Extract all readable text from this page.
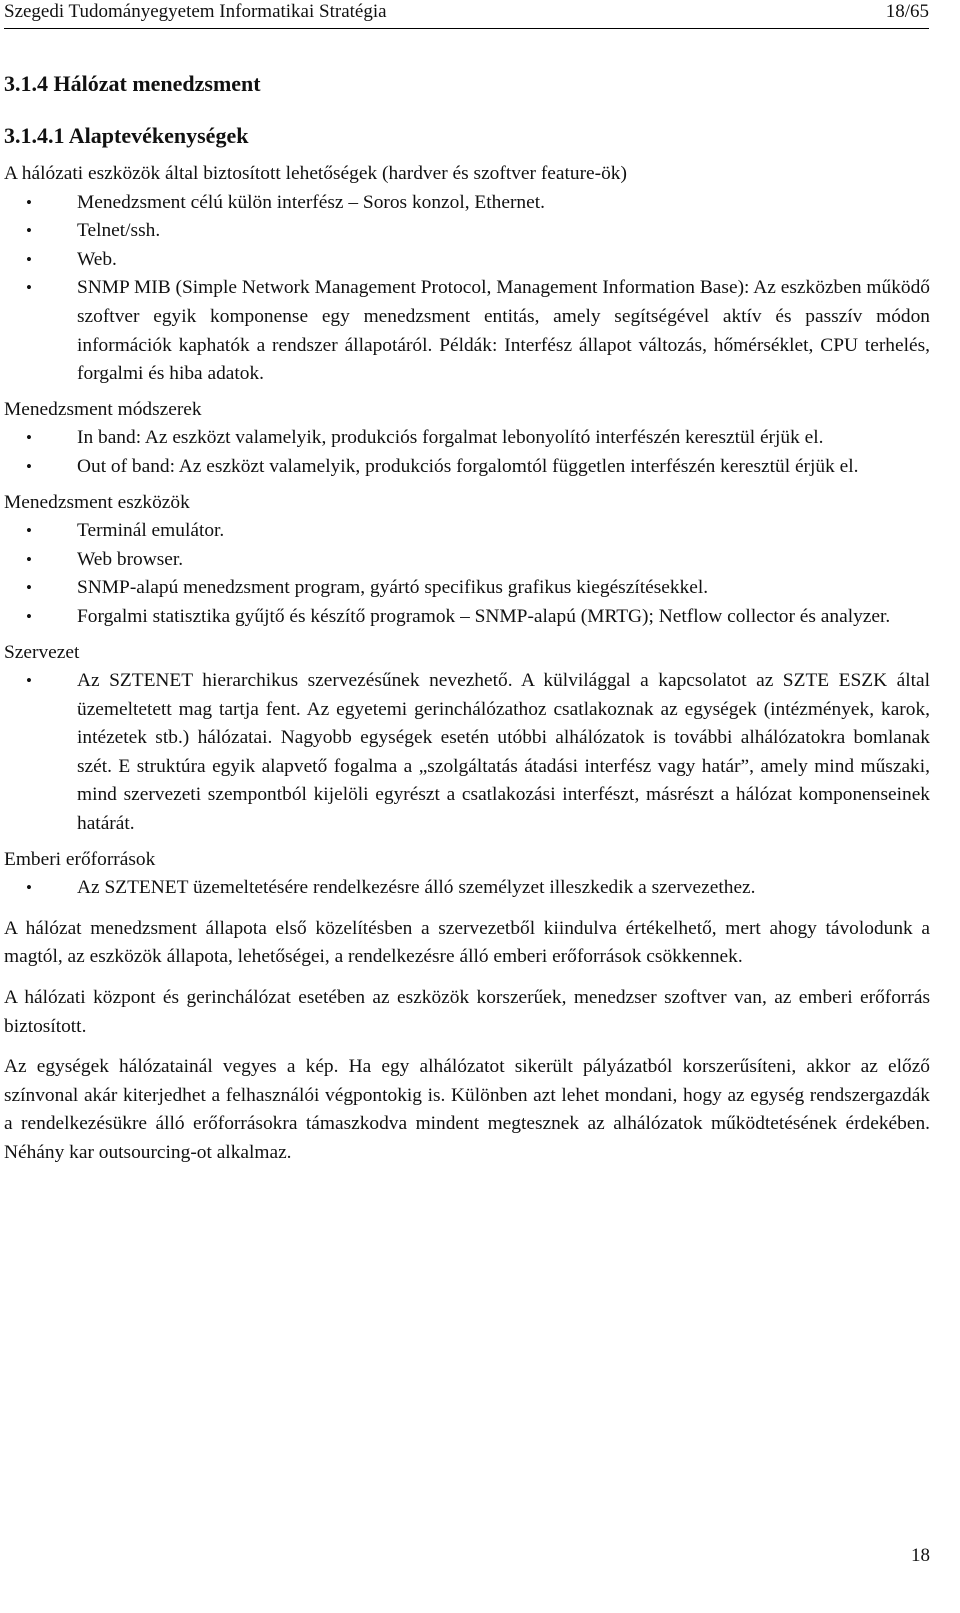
Szegedi Tudományegyetem Informatikai Stratégia	18/65
3.1.4 Hálózat menedzsment
3.1.4.1 Alaptevékenységek

A hálózati eszközök által biztosított lehetőségek (hardver és szoftver feature-ök)

• Menedzsment célú külön interfész – Soros konzol, Ethernet.
• Telnet/ssh.
• Web.
• SNMP MIB (Simple Network Management Protocol, Management Information Base): Az eszközben működő szoftver egyik komponense egy menedzsment entitás, amely segítségével aktív és passzív módon információk kaphatók a rendszer állapotáról. Példák: Interfész állapot változás, hőmérséklet, CPU terhelés, forgalmi és hiba adatok.

Menedzsment módszerek

• In band: Az eszközt valamelyik, produkciós forgalmat lebonyolító interfészén keresztül érjük el.
• Out of band: Az eszközt valamelyik, produkciós forgalomtól független interfészén keresztül érjük el.

Menedzsment eszközök

• Terminál emulátor.
• Web browser.
• SNMP-alapú menedzsment program, gyártó specifikus grafikus kiegészítésekkel.
• Forgalmi statisztika gyűjtő és készítő programok – SNMP-alapú (MRTG); Netflow collector és analyzer.

Szervezet

• Az SZTENET hierarchikus szervezésűnek nevezhető. A külvilággal a kapcsolatot az SZTE ESZK által üzemeltetett mag tartja fent. Az egyetemi gerinchálózathoz csatlakoznak az egységek (intézmények, karok, intézetek stb.) hálózatai. Nagyobb egységek esetén utóbbi alhálózatok is további alhálózatokra bomlanak szét. E struktúra egyik alapvető fogalma a „szolgáltatás átadási interfész vagy határ”, amely mind műszaki, mind szervezeti szempontból kijelöli egyrészt a csatlakozási interfészt, másrészt a hálózat komponenseinek határát.

Emberi erőforrások

• Az SZTENET üzemeltetésére rendelkezésre álló személyzet illeszkedik a szervezethez.

A hálózat menedzsment állapota első közelítésben a szervezetből kiindulva értékelhető, mert ahogy távolodunk a magtól, az eszközök állapota, lehetőségei, a rendelkezésre álló emberi erőforrások csökkennek.

A hálózati központ és gerinchálózat esetében az eszközök korszerűek, menedzser szoftver van, az emberi erőforrás biztosított.

Az egységek hálózatainál vegyes a kép. Ha egy alhálózatot sikerült pályázatból korszerűsíteni, akkor az előző színvonal akár kiterjedhet a felhasználói végpontokig is. Különben azt lehet mondani, hogy az egység rendszergazdák a rendelkezésükre álló erőforrásokra támaszkodva mindent megtesznek az alhálózatok működtetésének érdekében. Néhány kar outsourcing-ot alkalmaz.

18
